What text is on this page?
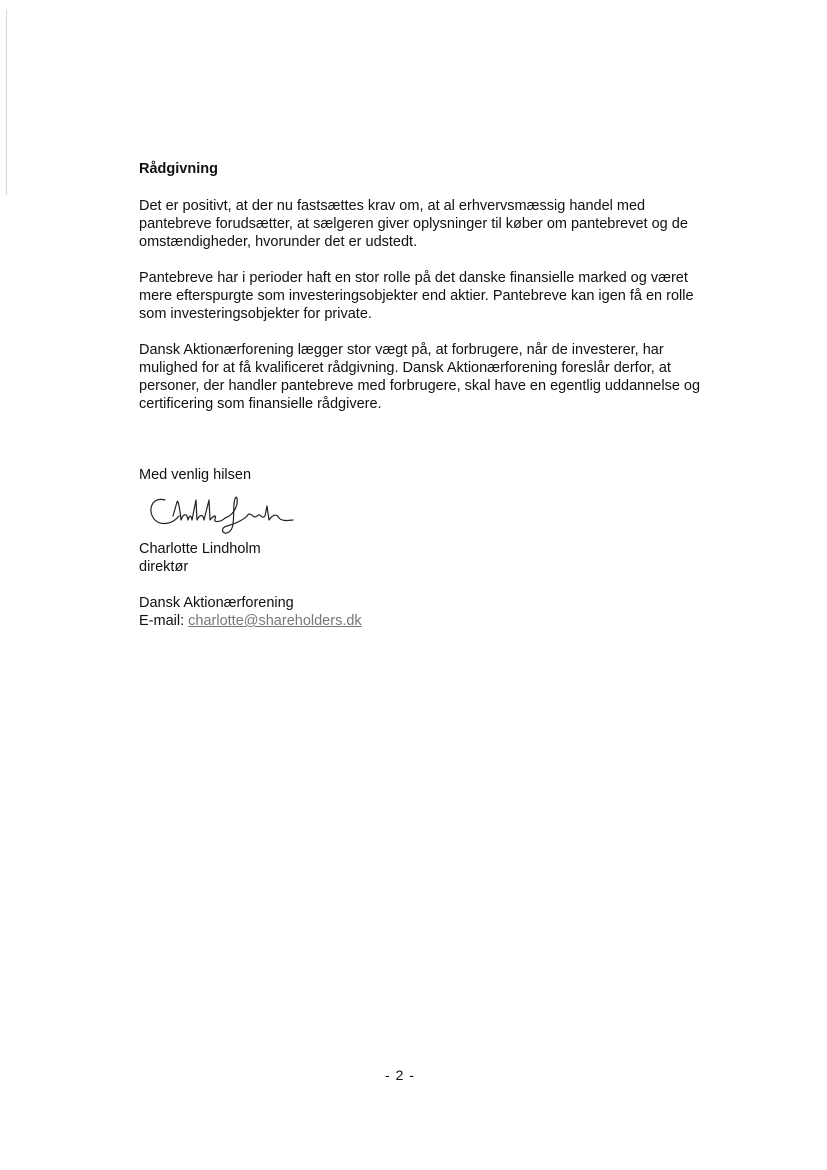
Rådgivning

Det er positivt, at der nu fastsættes krav om, at al erhvervsmæssig handel med pantebreve forudsætter, at sælgeren giver oplysninger til køber om pantebrevet og de omstændigheder, hvorunder det er udstedt.

Pantebreve har i perioder haft en stor rolle på det danske finansielle marked og været mere efterspurgte som investeringsobjekter end aktier. Pantebreve kan igen få en rolle som investeringsobjekter for private.

Dansk Aktionærforening lægger stor vægt på, at forbrugere, når de investerer, har mulighed for at få kvalificeret rådgivning. Dansk Aktionærforening foreslår derfor, at personer, der handler pantebreve med forbrugere, skal have en egentlig uddannelse og certificering som finansielle rådgivere.

Med venlig hilsen
Charlotte Lindholm
direktør
Dansk Aktionærforening
E-mail: charlotte@shareholders.dk
- 2 -
